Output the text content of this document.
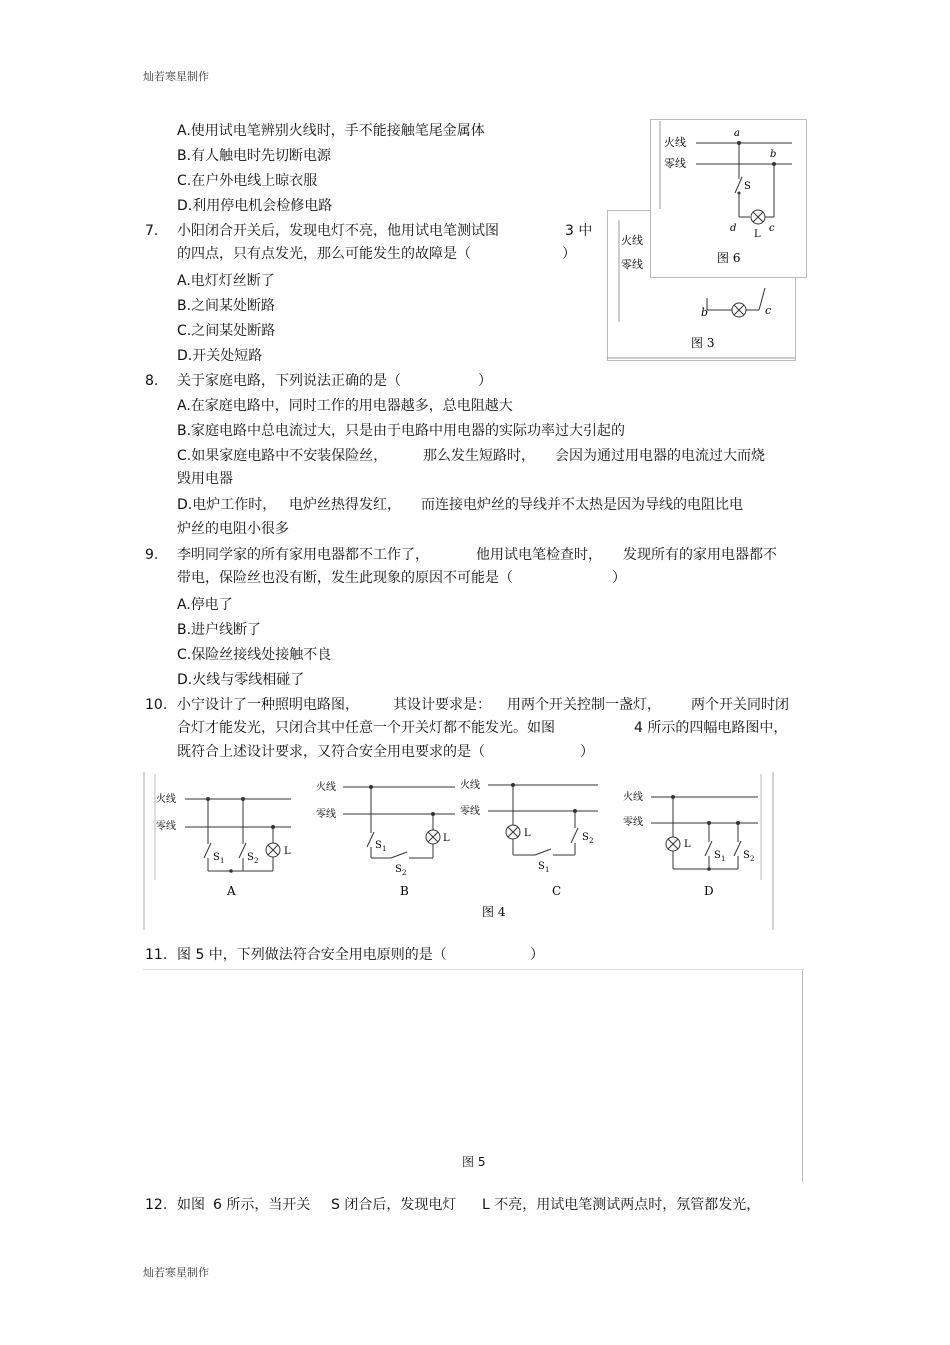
灿若寒星制作
灿若寒星制作
A.使用试电笔辨别火线时，手不能接触笔尾金属体
B.有人触电时先切断电源
C.在户外电线上晾衣服
D.利用停电机会检修电路
7. 小阳闭合开关后，发现电灯不亮，他用试电笔测试图	3 中
的四点，只有点发光，那么可能发生的故障是（	）
A.电灯灯丝断了
B.之间某处断路
C.之间某处断路
D.开关处短路
火线
零线
b	c
图 3
火线
零线
a
b
S
d
L
c
图 6
8. 关于家庭电路，下列说法正确的是（	）
A.在家庭电路中，同时工作的用电器越多，总电阻越大
B.家庭电路中总电流过大，只是由于电路中用电器的实际功率过大引起的
C.如果家庭电路中不安装保险丝，	那么发生短路时， 会因为通过用电器的电流过大而烧
毁用电器
D.电炉工作时， 电炉丝热得发红， 而连接电炉丝的导线并不太热是因为导线的电阻比电
炉丝的电阻小很多
9. 李明同学家的所有家用电器都不工作了，	他用试电笔检查时， 发现所有的家用电器都不
带电，保险丝也没有断，发生此现象的原因不可能是（	）
A.停电了
B.进户线断了
C.保险丝接线处接触不良
D.火线与零线相碰了
10. 小宁设计了一种照明电路图， 其设计要求是： 用两个开关控制一盏灯， 两个开关同时闭
合灯才能发光，只闭合其中任意一个开关灯都不能发光。如图	4 所示的四幅电路图中，
既符合上述设计要求，又符合安全用电要求的是（	）
火线
零线
S 1 S 2
L
A
火线
零线
S 1
S 2
L
B
火线
零线
L
S 1
S 2
C
火线
零线
L
S 1 S 2
D
图 4
11. 图 5 中，下列做法符合安全用电原则的是（	）
图 5
12. 如图 6 所示，当开关 S 闭合后，发现电灯 L 不亮，用试电笔测试两点时，氖管都发光，
